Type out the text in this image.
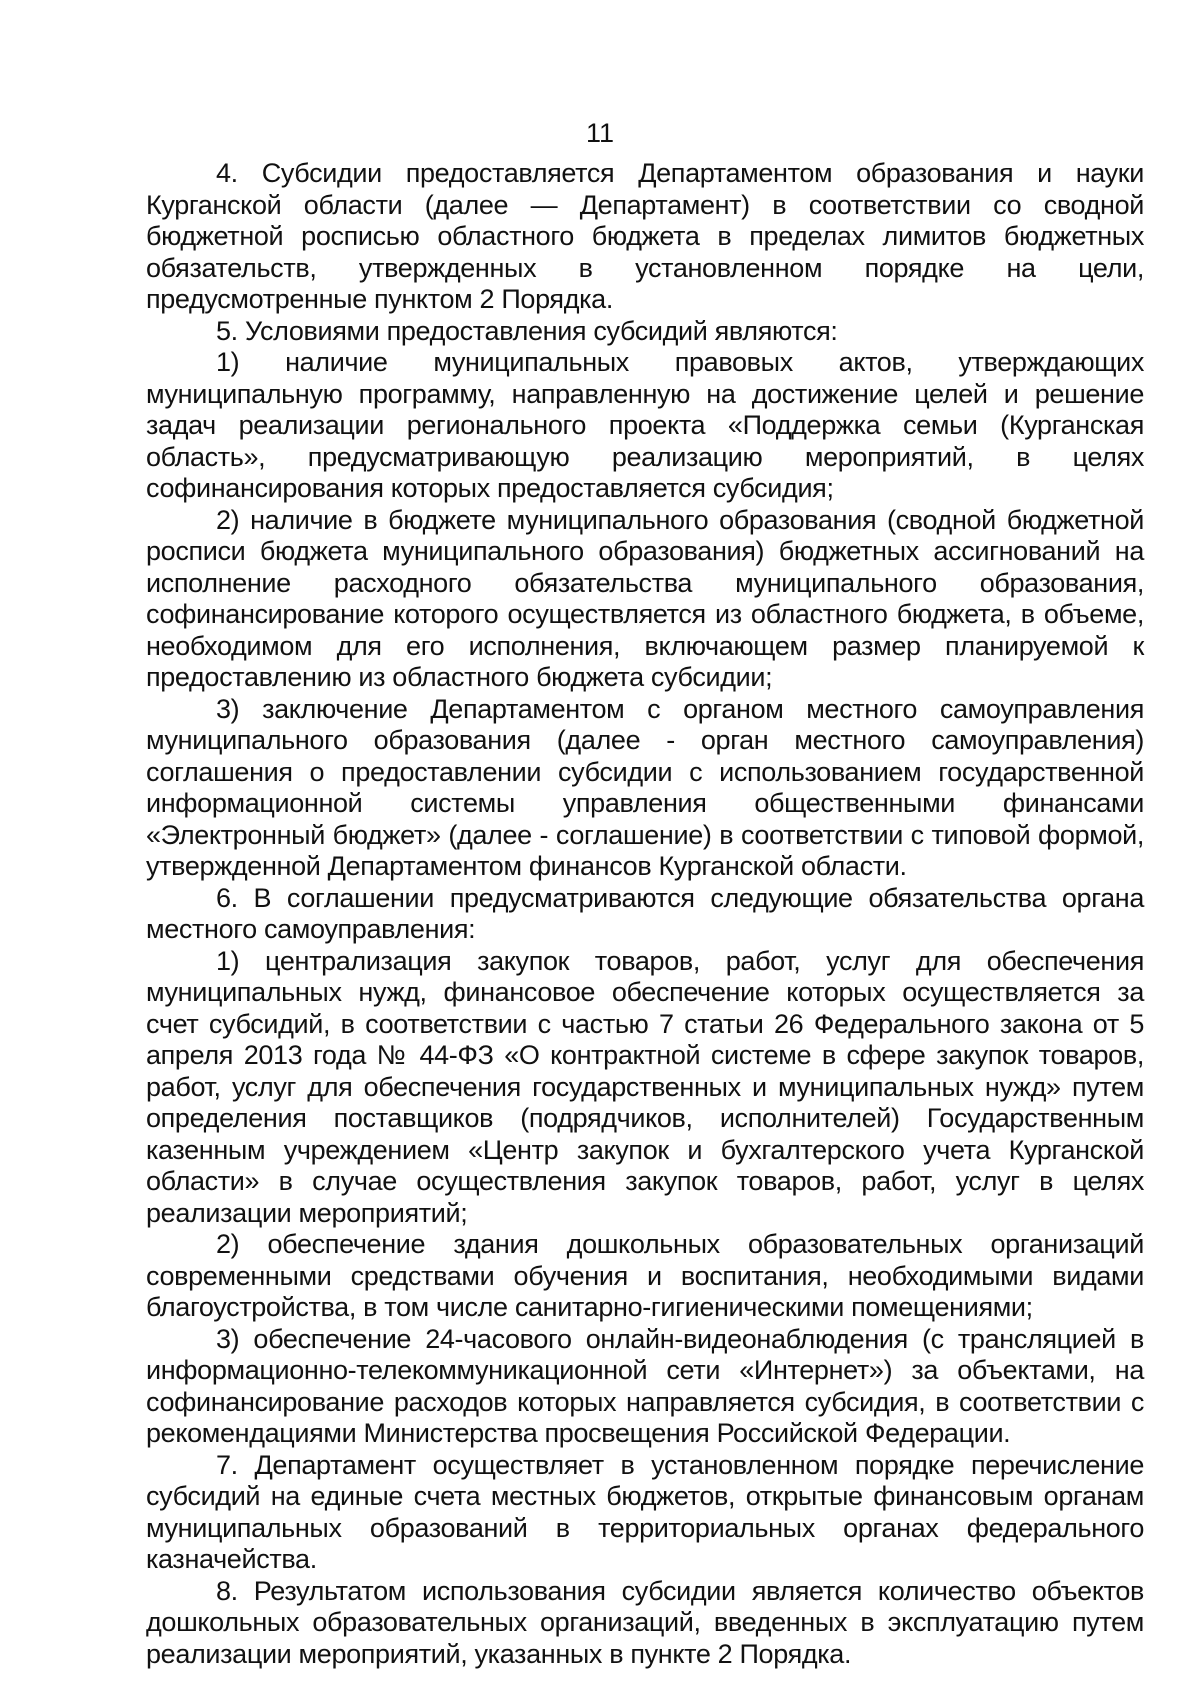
11

4. Субсидии предоставляется Департаментом образования и науки Курганской области (далее — Департамент) в соответствии со сводной бюджетной росписью областного бюджета в пределах лимитов бюджетных обязательств, утвержденных в установленном порядке на цели, предусмотренные пунктом 2 Порядка.

5. Условиями предоставления субсидий являются:

1) наличие муниципальных правовых актов, утверждающих муниципальную программу, направленную на достижение целей и решение задач реализации регионального проекта «Поддержка семьи (Курганская область», предусматривающую реализацию мероприятий, в целях софинансирования которых предоставляется субсидия;

2) наличие в бюджете муниципального образования (сводной бюджетной росписи бюджета муниципального образования) бюджетных ассигнований на исполнение расходного обязательства муниципального образования, софинансирование которого осуществляется из областного бюджета, в объеме, необходимом для его исполнения, включающем размер планируемой к предоставлению из областного бюджета субсидии;

3) заключение Департаментом с органом местного самоуправления муниципального образования (далее - орган местного самоуправления) соглашения о предоставлении субсидии с использованием государственной информационной системы управления общественными финансами «Электронный бюджет» (далее - соглашение) в соответствии с типовой формой, утвержденной Департаментом финансов Курганской области.

6. В соглашении предусматриваются следующие обязательства органа местного самоуправления:

1) централизация закупок товаров, работ, услуг для обеспечения муниципальных нужд, финансовое обеспечение которых осуществляется за счет субсидий, в соответствии с частью 7 статьи 26 Федерального закона от 5 апреля 2013 года № 44-ФЗ «О контрактной системе в сфере закупок товаров, работ, услуг для обеспечения государственных и муниципальных нужд» путем определения поставщиков (подрядчиков, исполнителей) Государственным казенным учреждением «Центр закупок и бухгалтерского учета Курганской области» в случае осуществления закупок товаров, работ, услуг в целях реализации мероприятий;

2) обеспечение здания дошкольных образовательных организаций современными средствами обучения и воспитания, необходимыми видами благоустройства, в том числе санитарно-гигиеническими помещениями;

3) обеспечение 24-часового онлайн-видеонаблюдения (с трансляцией в информационно-телекоммуникационной сети «Интернет») за объектами, на софинансирование расходов которых направляется субсидия, в соответствии с рекомендациями Министерства просвещения Российской Федерации.

7. Департамент осуществляет в установленном порядке перечисление субсидий на единые счета местных бюджетов, открытые финансовым органам муниципальных образований в территориальных органах федерального казначейства.

8. Результатом использования субсидии является количество объектов дошкольных образовательных организаций, введенных в эксплуатацию путем реализации мероприятий, указанных в пункте 2 Порядка.
